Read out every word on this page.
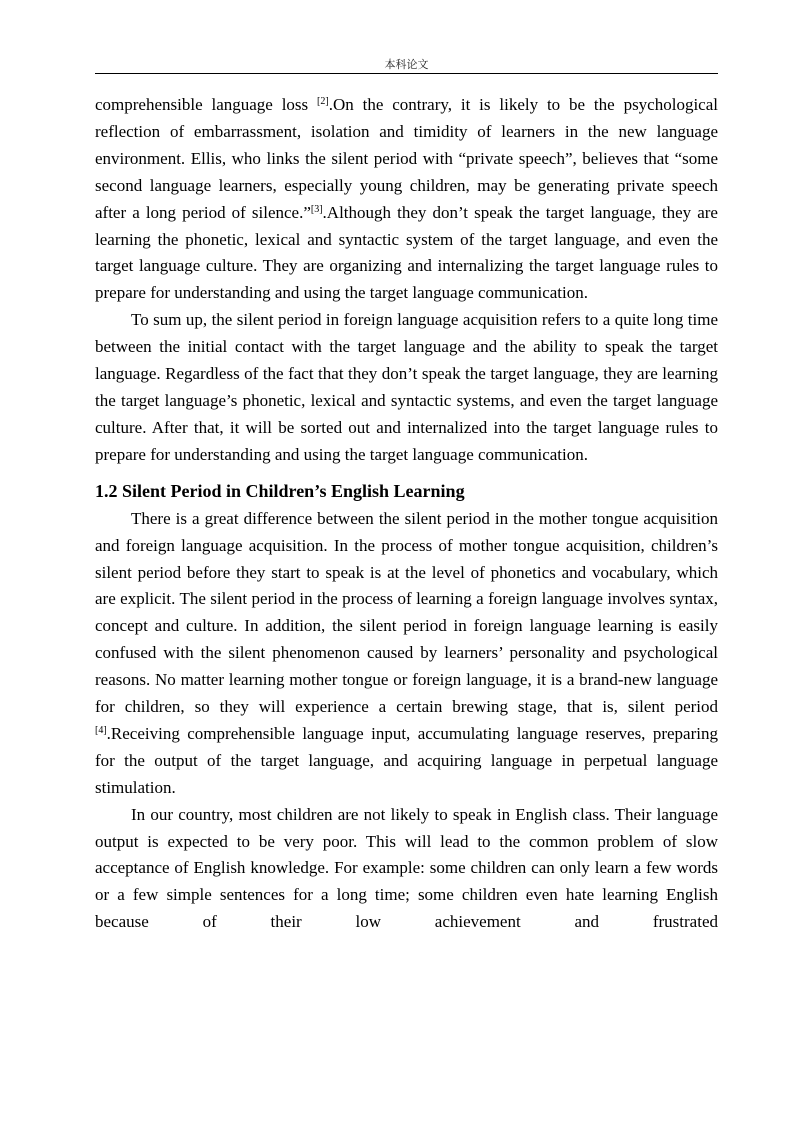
本科论文

comprehensible language loss [2].On the contrary, it is likely to be the psychological reflection of embarrassment, isolation and timidity of learners in the new language environment. Ellis, who links the silent period with “private speech”, believes that “some second language learners, especially young children, may be generating private speech after a long period of silence.”[3].Although they don’t speak the target language, they are learning the phonetic, lexical and syntactic system of the target language, and even the target language culture. They are organizing and internalizing the target language rules to prepare for understanding and using the target language communication.

To sum up, the silent period in foreign language acquisition refers to a quite long time between the initial contact with the target language and the ability to speak the target language. Regardless of the fact that they don’t speak the target language, they are learning the target language’s phonetic, lexical and syntactic systems, and even the target language culture. After that, it will be sorted out and internalized into the target language rules to prepare for understanding and using the target language communication.

1.2 Silent Period in Children’s English Learning

There is a great difference between the silent period in the mother tongue acquisition and foreign language acquisition. In the process of mother tongue acquisition, children’s silent period before they start to speak is at the level of phonetics and vocabulary, which are explicit. The silent period in the process of learning a foreign language involves syntax, concept and culture. In addition, the silent period in foreign language learning is easily confused with the silent phenomenon caused by learners’ personality and psychological reasons. No matter learning mother tongue or foreign language, it is a brand-new language for children, so they will experience a certain brewing stage, that is, silent period [4].Receiving comprehensible language input, accumulating language reserves, preparing for the output of the target language, and acquiring language in perpetual language stimulation.

In our country, most children are not likely to speak in English class. Their language output is expected to be very poor. This will lead to the common problem of slow acceptance of English knowledge. For example: some children can only learn a few words or a few simple sentences for a long time; some children even hate learning English because of their low achievement and frustrated
